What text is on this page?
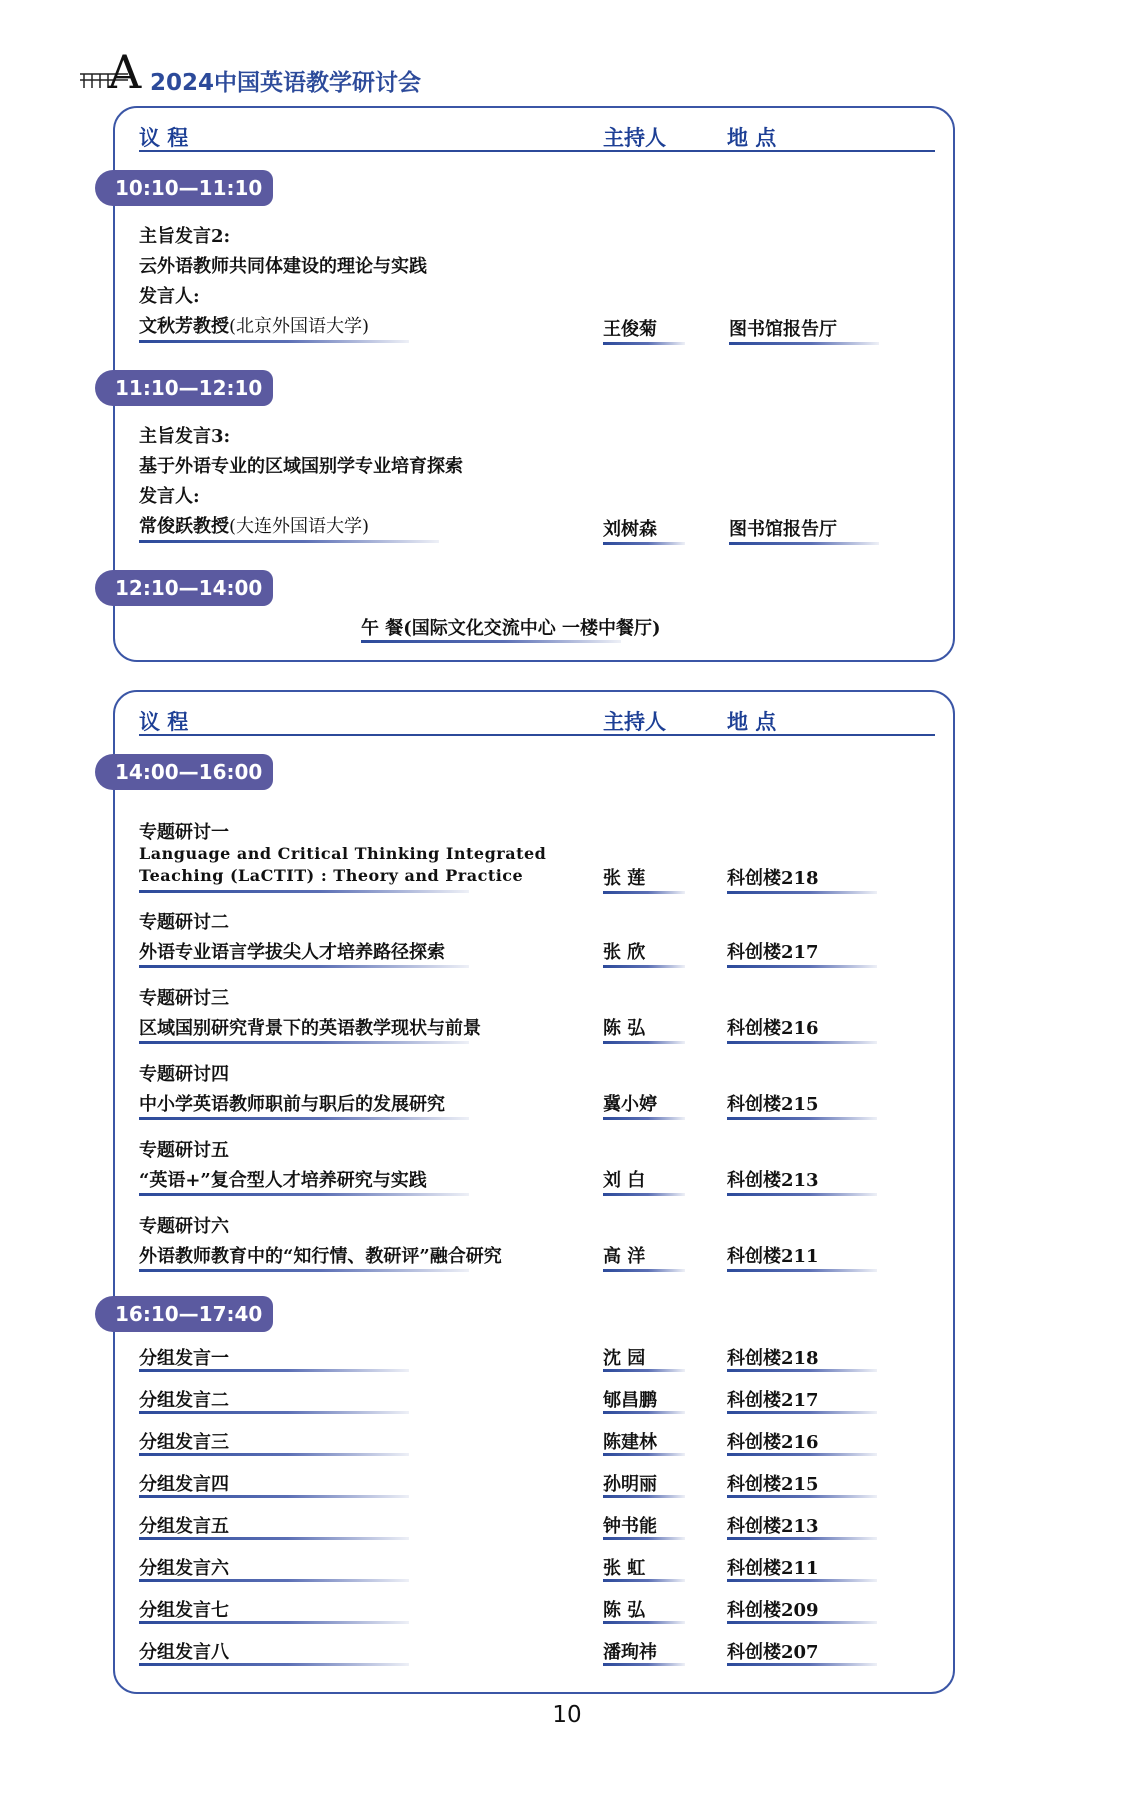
A 2024中国英语教学研讨会
议 程	主持人	地 点
10:10—11:10
主旨发言2:
云外语教师共同体建设的理论与实践
发言人:
文秋芳教授(北京外国语大学)	王俊菊	图书馆报告厅
11:10—12:10
主旨发言3:
基于外语专业的区域国别学专业培育探索
发言人:
常俊跃教授(大连外国语大学)	刘树森	图书馆报告厅
12:10—14:00
午 餐(国际文化交流中心 一楼中餐厅)
议 程	主持人	地 点
14:00—16:00
专题研讨一
Language and Critical Thinking Integrated
Teaching (LaCTIT) : Theory and Practice	张 莲	科创楼218
专题研讨二
外语专业语言学拔尖人才培养路径探索	张 欣	科创楼217
专题研讨三
区域国别研究背景下的英语教学现状与前景	陈 弘	科创楼216
专题研讨四
中小学英语教师职前与职后的发展研究	冀小婷	科创楼215
专题研讨五
“英语+”复合型人才培养研究与实践	刘 白	科创楼213
专题研讨六
外语教师教育中的“知行情、教研评”融合研究	高 洋	科创楼211
16:10—17:40
分组发言一	沈 园	科创楼218
分组发言二	郇昌鹏	科创楼217
分组发言三	陈建林	科创楼216
分组发言四	孙明丽	科创楼215
分组发言五	钟书能	科创楼213
分组发言六	张 虹	科创楼211
分组发言七	陈 弘	科创楼209
分组发言八	潘珣祎	科创楼207
10
